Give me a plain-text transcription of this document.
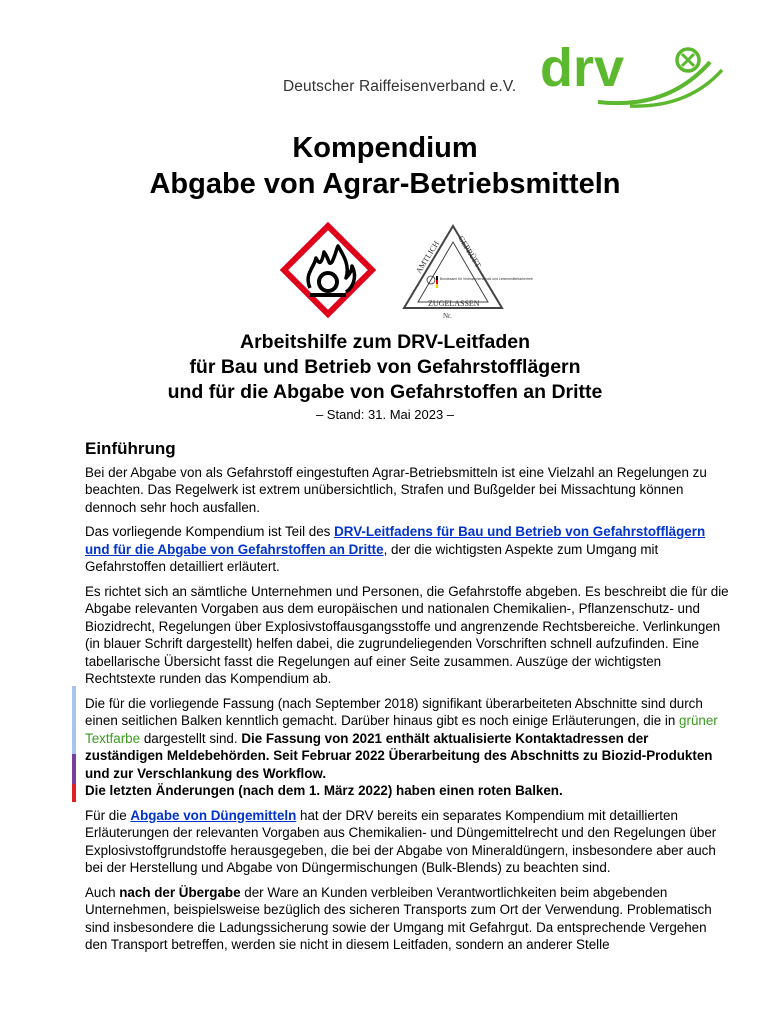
Deutscher Raiffeisenverband e.V. drv
Kompendium
Abgabe von Agrar-Betriebsmitteln
AMTLICH GEPRÜFT
Bundesamt für Verbraucherschutz und Lebensmittelsicherheit
ZUGELASSEN
Nr.
Arbeitshilfe zum DRV-Leitfaden
für Bau und Betrieb von Gefahrstofflägern
und für die Abgabe von Gefahrstoffen an Dritte
– Stand: 31. Mai 2023 –
Einführung

Bei der Abgabe von als Gefahrstoff eingestuften Agrar-Betriebsmitteln ist eine Vielzahl an Regelungen zu beachten. Das Regelwerk ist extrem unübersichtlich, Strafen und Bußgelder bei Missachtung können dennoch sehr hoch ausfallen.

Das vorliegende Kompendium ist Teil des DRV-Leitfadens für Bau und Betrieb von Gefahrstofflägern und für die Abgabe von Gefahrstoffen an Dritte, der die wichtigsten Aspekte zum Umgang mit Gefahrstoffen detailliert erläutert.

Es richtet sich an sämtliche Unternehmen und Personen, die Gefahrstoffe abgeben. Es beschreibt die für die Abgabe relevanten Vorgaben aus dem europäischen und nationalen Chemikalien-, Pflanzenschutz- und Biozidrecht, Regelungen über Explosivstoffausgangsstoffe und angrenzende Rechtsbereiche. Verlinkungen (in blauer Schrift dargestellt) helfen dabei, die zugrundeliegenden Vorschriften schnell aufzufinden. Eine tabellarische Übersicht fasst die Regelungen auf einer Seite zusammen. Auszüge der wichtigsten Rechtstexte runden das Kompendium ab.

Die für die vorliegende Fassung (nach September 2018) signifikant überarbeiteten Abschnitte sind durch einen seitlichen Balken kenntlich gemacht. Darüber hinaus gibt es noch einige Erläuterungen, die in grüner Textfarbe dargestellt sind. Die Fassung von 2021 enthält aktualisierte Kontaktadressen der zuständigen Meldebehörden. Seit Februar 2022 Überarbeitung des Abschnitts zu Biozid-Produkten und zur Verschlankung des Workflow.
Die letzten Änderungen (nach dem 1. März 2022) haben einen roten Balken.

Für die Abgabe von Düngemitteln hat der DRV bereits ein separates Kompendium mit detaillierten Erläuterungen der relevanten Vorgaben aus Chemikalien- und Düngemittelrecht und den Regelungen über Explosivstoffgrundstoffe herausgegeben, die bei der Abgabe von Mineraldüngern, insbesondere aber auch bei der Herstellung und Abgabe von Düngermischungen (Bulk-Blends) zu beachten sind.

Auch nach der Übergabe der Ware an Kunden verbleiben Verantwortlichkeiten beim abgebenden Unternehmen, beispielsweise bezüglich des sicheren Transports zum Ort der Verwendung. Problematisch sind insbesondere die Ladungssicherung sowie der Umgang mit Gefahrgut. Da entsprechende Vergehen den Transport betreffen, werden sie nicht in diesem Leitfaden, sondern an anderer Stelle
